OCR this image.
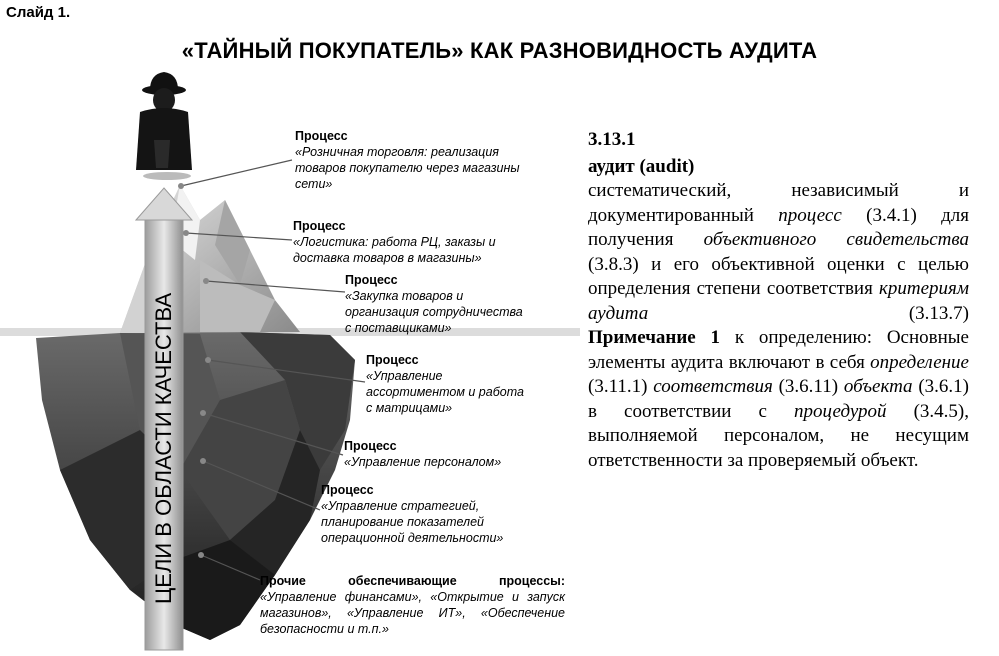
Слайд 1.
«ТАЙНЫЙ ПОКУПАТЕЛЬ» КАК РАЗНОВИДНОСТЬ АУДИТА
ЦЕЛИ В ОБЛАСТИ КАЧЕСТВА
Процесс
«Розничная торговля: реализация
товаров покупателю через магазины
сети»
Процесс
«Логистика: работа РЦ, заказы и
доставка товаров в магазины»
Процесс
«Закупка товаров и
организация сотрудничества
с поставщиками»
Процесс
«Управление
ассортиментом и работа
с матрицами»
Процесс
«Управление персоналом»
Процесс
«Управление стратегией,
планирование показателей
операционной деятельности»
Прочие обеспечивающие процессы:
«Управление финансами», «Открытие и запуск магазинов», «Управление ИТ», «Обеспечение безопасности и т.п.»
3.13.1
аудит (audit)

систематический, независимый и документированный процесс (3.4.1) для получения объективного свидетельства (3.8.3) и его объективной оценки с целью определения степени соответствия критериям аудита (3.13.7)

Примечание 1 к определению: Основные элементы аудита включают в себя определение (3.11.1) соответствия (3.6.11) объекта (3.6.1) в соответствии с процедурой (3.4.5), выполняемой персоналом, не несущим ответственности за проверяемый объект.
